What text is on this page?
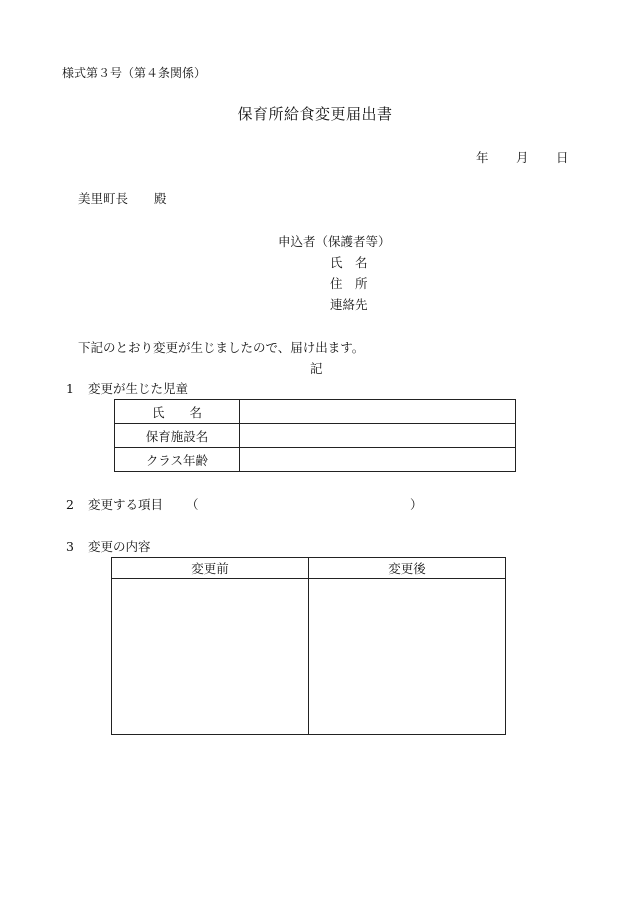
様式第３号（第４条関係）
保育所給食変更届出書
年 月 日
美里町長 殿
申込者（保護者等）
氏　名
住　所
連絡先
下記のとおり変更が生じましたので、届け出ます。
記
1 変更が生じた児童
氏　　名	
保育施設名	
クラス年齢	
2 変更する項目 （	）
3 変更の内容
変更前	変更後
